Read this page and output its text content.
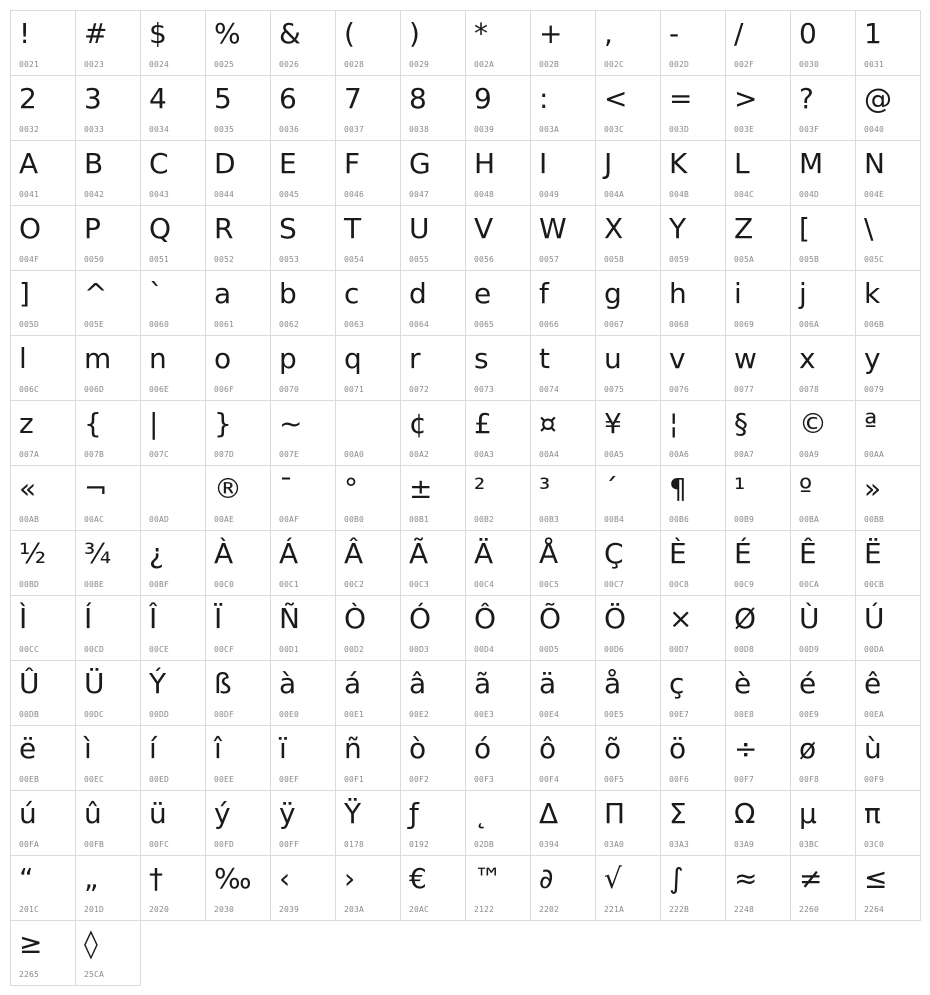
!
0021
#
0023
$
0024
%
0025
&
0026
(
0028
)
0029
*
002A
+
002B
,
002C
-
002D
/
002F
0
0030
1
0031
2
0032
3
0033
4
0034
5
0035
6
0036
7
0037
8
0038
9
0039
:
003A
<
003C
=
003D
>
003E
?
003F
@
0040
A
0041
B
0042
C
0043
D
0044
E
0045
F
0046
G
0047
H
0048
I
0049
J
004A
K
004B
L
004C
M
004D
N
004E
O
004F
P
0050
Q
0051
R
0052
S
0053
T
0054
U
0055
V
0056
W
0057
X
0058
Y
0059
Z
005A
[
005B
\
005C
]
005D
^
005E
`
0060
a
0061
b
0062
c
0063
d
0064
e
0065
f
0066
g
0067
h
0068
i
0069
j
006A
k
006B
l
006C
m
006D
n
006E
o
006F
p
0070
q
0071
r
0072
s
0073
t
0074
u
0075
v
0076
w
0077
x
0078
y
0079
z
007A
{
007B
|
007C
}
007D
~
007E	00A0
¢
00A2
£
00A3
¤
00A4
¥
00A5
¦
00A6
§
00A7
©
00A9
ª
00AA
«
00AB
¬
00AC	00AD
®
00AE
¯
00AF
°
00B0
±
00B1
²
00B2
³
00B3
´
00B4
¶
00B6
¹
00B9
º
00BA
»
00BB
½
00BD
¾
00BE
¿
00BF
À
00C0
Á
00C1
Â
00C2
Ã
00C3
Ä
00C4
Å
00C5
Ç
00C7
È
00C8
É
00C9
Ê
00CA
Ë
00CB
Ì
00CC
Í
00CD
Î
00CE
Ï
00CF
Ñ
00D1
Ò
00D2
Ó
00D3
Ô
00D4
Õ
00D5
Ö
00D6
×
00D7
Ø
00D8
Ù
00D9
Ú
00DA
Û
00DB
Ü
00DC
Ý
00DD
ß
00DF
à
00E0
á
00E1
â
00E2
ã
00E3
ä
00E4
å
00E5
ç
00E7
è
00E8
é
00E9
ê
00EA
ë
00EB
ì
00EC
í
00ED
î
00EE
ï
00EF
ñ
00F1
ò
00F2
ó
00F3
ô
00F4
õ
00F5
ö
00F6
÷
00F7
ø
00F8
ù
00F9
ú
00FA
û
00FB
ü
00FC
ý
00FD
ÿ
00FF
Ÿ
0178
ƒ
0192
˛
02DB
Δ
0394
Π
03A0
Σ
03A3
Ω
03A9
μ
03BC
π
03C0
“
201C
„
201D
†
2020
‰
2030
‹
2039
›
203A
€
20AC
™
2122
∂
2202
√
221A
∫
222B
≈
2248
≠
2260
≤
2264
≥
2265
◊
25CA
